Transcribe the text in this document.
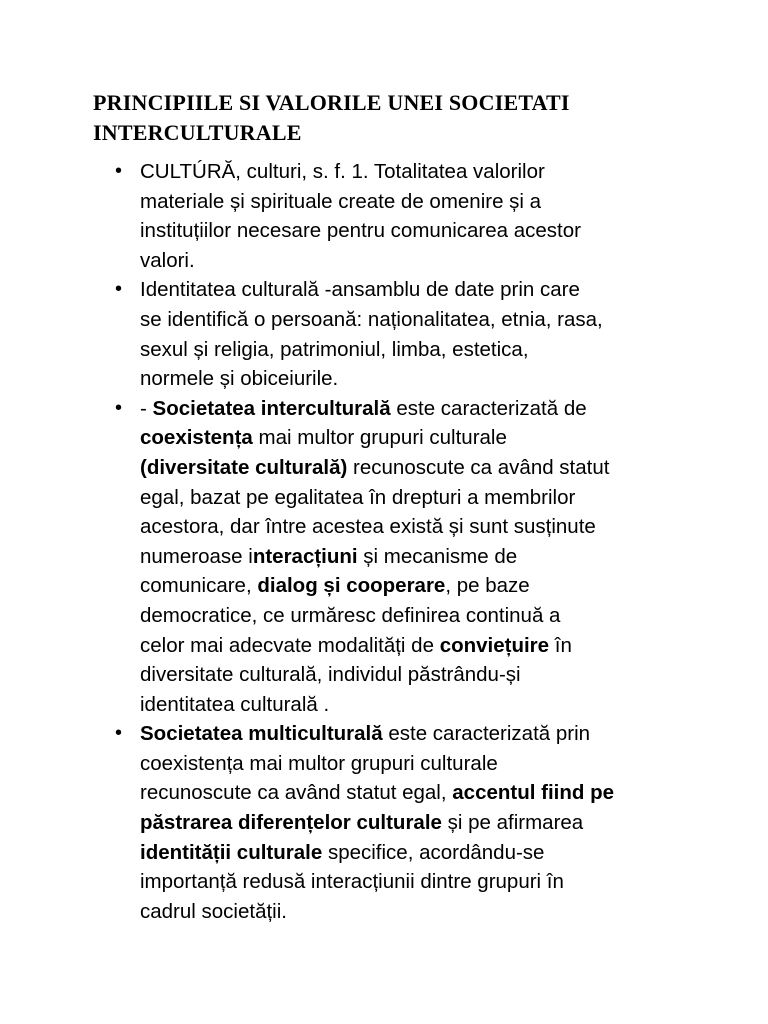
PRINCIPIILE SI VALORILE UNEI SOCIETATI
INTERCULTURALE
• CULTÚRĂ, culturi, s. f. 1. Totalitatea valorilor
materiale și spirituale create de omenire și a
instituțiilor necesare pentru comunicarea acestor
valori.
• Identitatea culturală -ansamblu de date prin care
se identifică o persoană: naționalitatea, etnia, rasa,
sexul și religia, patrimoniul, limba, estetica,
normele și obiceiurile.
• - Societatea interculturală este caracterizată de
coexistența mai multor grupuri culturale
(diversitate culturală) recunoscute ca având statut
egal, bazat pe egalitatea în drepturi a membrilor
acestora, dar între acestea există și sunt susținute
numeroase interacțiuni și mecanisme de
comunicare, dialog și cooperare, pe baze
democratice, ce urmăresc definirea continuă a
celor mai adecvate modalități de conviețuire în
diversitate culturală, individul păstrându-și
identitatea culturală .
• Societatea multiculturală este caracterizată prin
coexistența mai multor grupuri culturale
recunoscute ca având statut egal, accentul fiind pe
păstrarea diferențelor culturale și pe afirmarea
identității culturale specifice, acordându-se
importanță redusă interacțiunii dintre grupuri în
cadrul societății.
